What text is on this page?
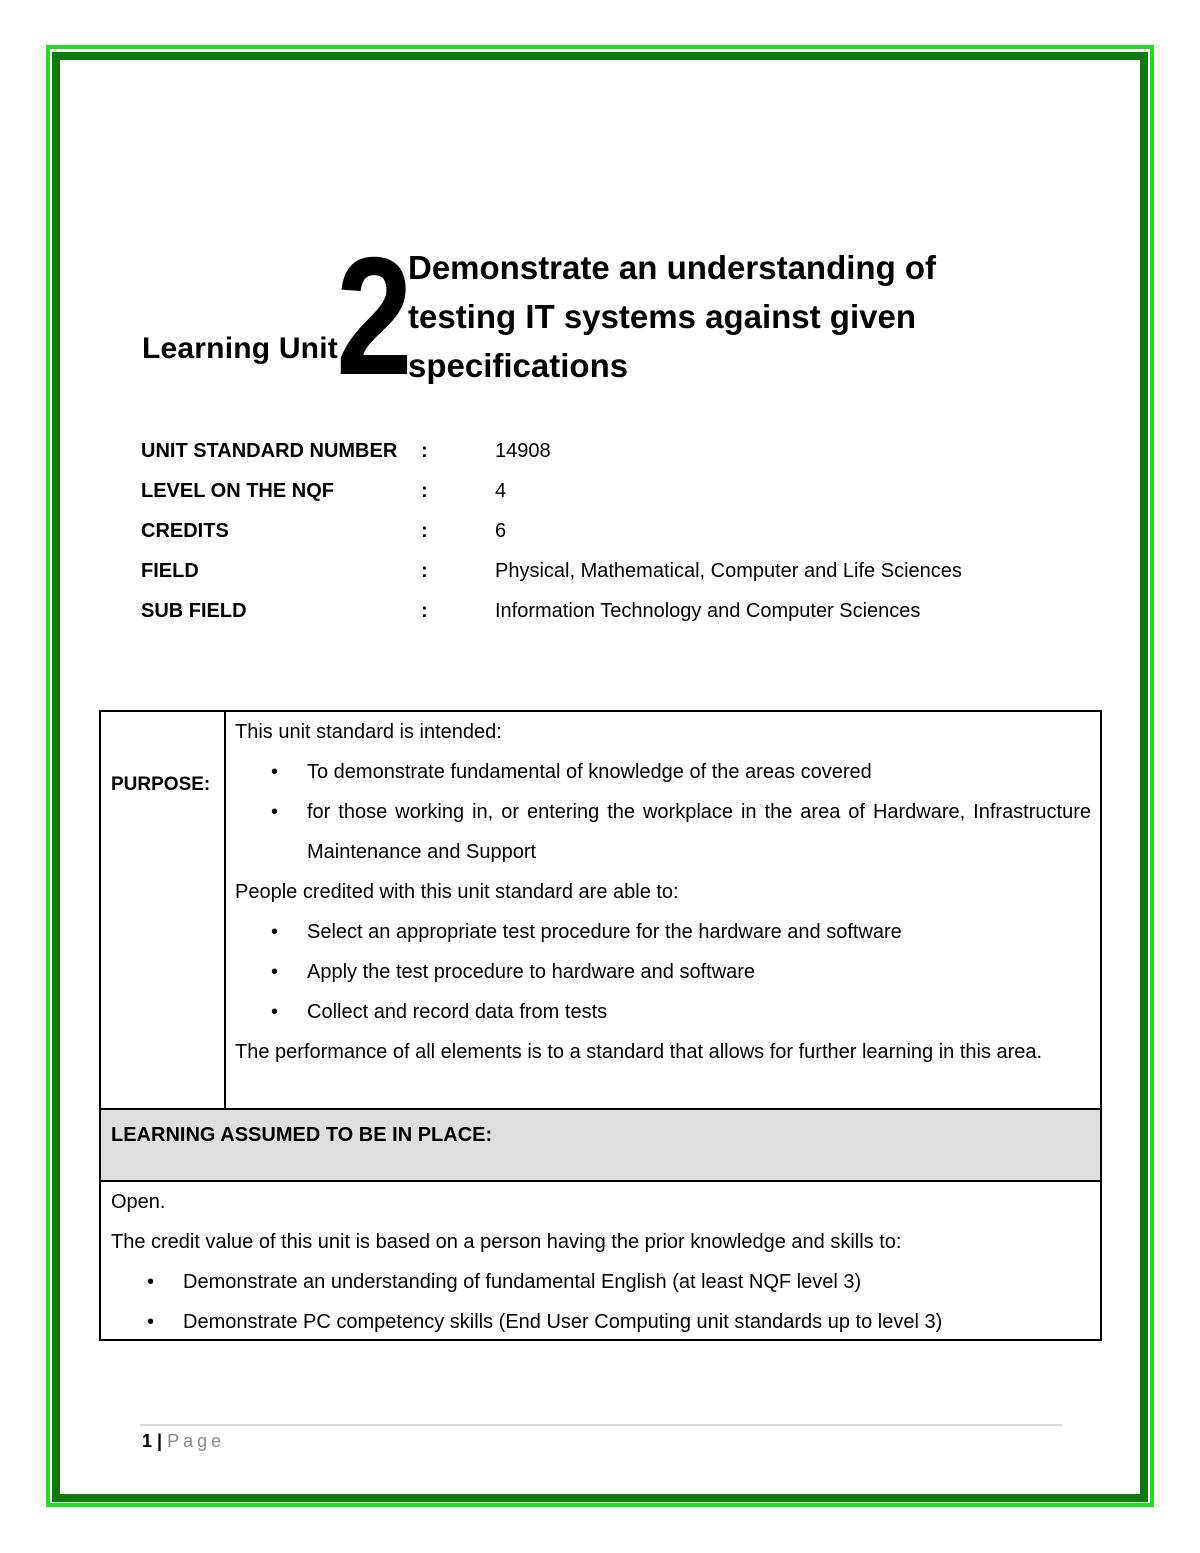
Learning Unit
2 Demonstrate an understanding of testing IT systems against given specifications
UNIT STANDARD NUMBER :	14908
LEVEL ON THE NQF	:	4
CREDITS	:	6
FIELD	:	Physical, Mathematical, Computer and Life Sciences
SUB FIELD	:	Information Technology and Computer Sciences
PURPOSE:

This unit standard is intended:

• To demonstrate fundamental of knowledge of the areas covered
• for those working in, or entering the workplace in the area of Hardware, Infrastructure Maintenance and Support

People credited with this unit standard are able to:

• Select an appropriate test procedure for the hardware and software
• Apply the test procedure to hardware and software
• Collect and record data from tests

The performance of all elements is to a standard that allows for further learning in this area.

LEARNING ASSUMED TO BE IN PLACE:

Open.

The credit value of this unit is based on a person having the prior knowledge and skills to:

• Demonstrate an understanding of fundamental English (at least NQF level 3)
• Demonstrate PC competency skills (End User Computing unit standards up to level 3)
1 | Page
